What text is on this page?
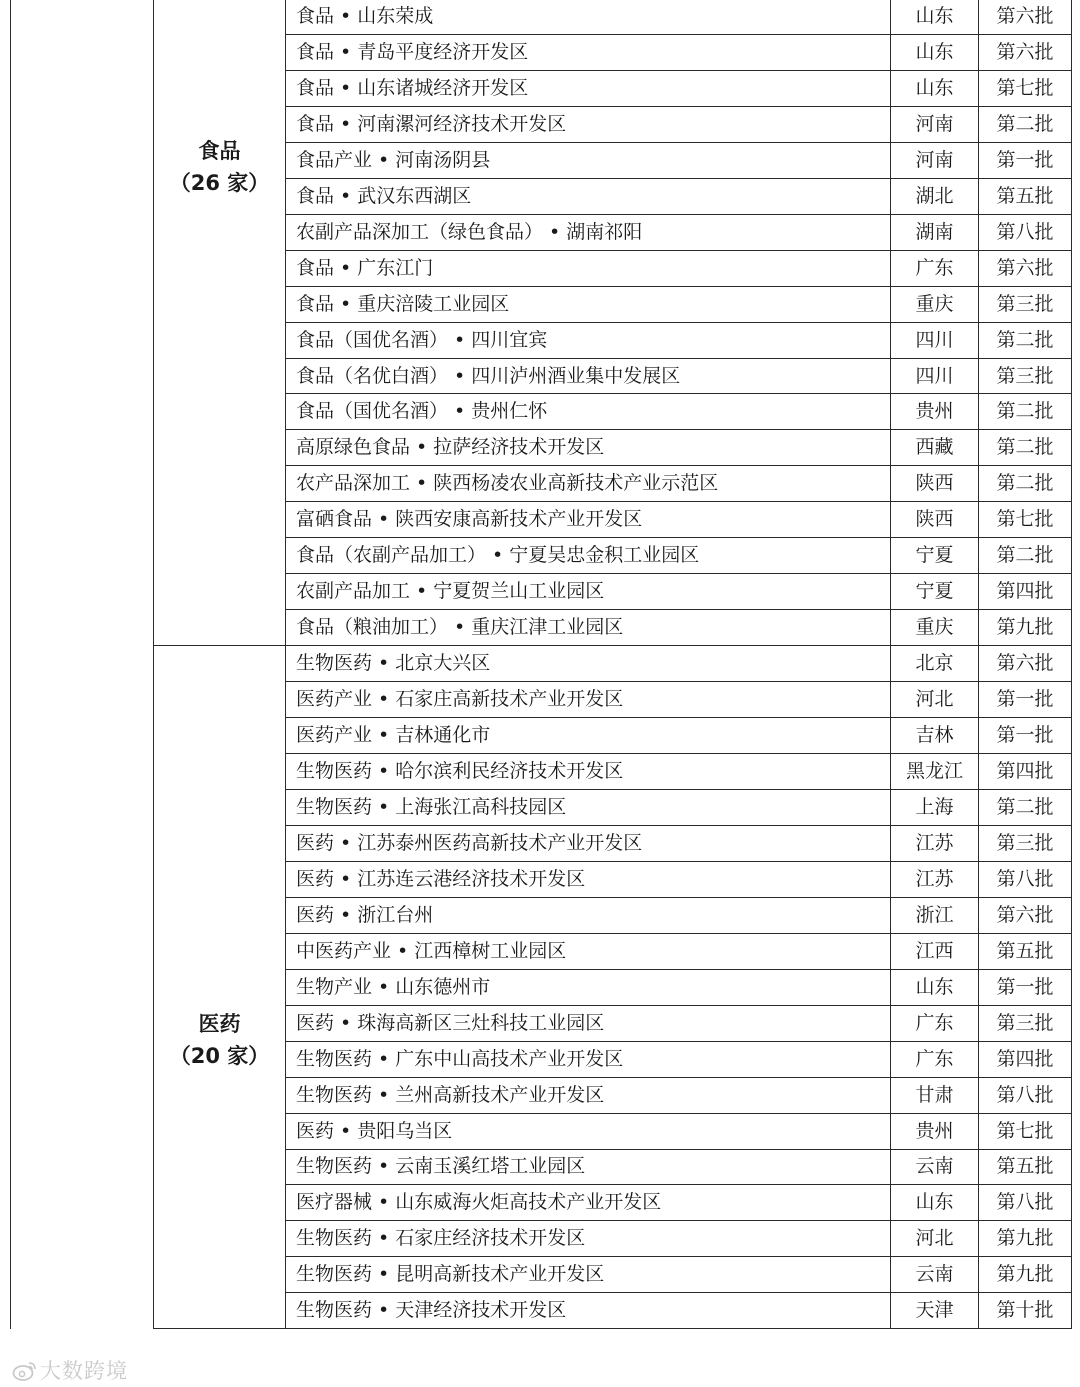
	食品
（26 家）	食品 • 山东荣成	山东	第六批
		食品 • 青岛平度经济开发区	山东	第六批
		食品 • 山东诸城经济开发区	山东	第七批
		食品 • 河南漯河经济技术开发区	河南	第二批
		食品产业 • 河南汤阴县	河南	第一批
		食品 • 武汉东西湖区	湖北	第五批
		农副产品深加工（绿色食品） • 湖南祁阳	湖南	第八批
		食品 • 广东江门	广东	第六批
		食品 • 重庆涪陵工业园区	重庆	第三批
		食品（国优名酒） • 四川宜宾	四川	第二批
		食品（名优白酒） • 四川泸州酒业集中发展区	四川	第三批
		食品（国优名酒） • 贵州仁怀	贵州	第二批
		高原绿色食品 • 拉萨经济技术开发区	西藏	第二批
		农产品深加工 • 陕西杨凌农业高新技术产业示范区	陕西	第二批
		富硒食品 • 陕西安康高新技术产业开发区	陕西	第七批
		食品（农副产品加工） • 宁夏吴忠金积工业园区	宁夏	第二批
		农副产品加工 • 宁夏贺兰山工业园区	宁夏	第四批
		食品（粮油加工） • 重庆江津工业园区	重庆	第九批
	医药
（20 家）	生物医药 • 北京大兴区	北京	第六批
		医药产业 • 石家庄高新技术产业开发区	河北	第一批
		医药产业 • 吉林通化市	吉林	第一批
		生物医药 • 哈尔滨利民经济技术开发区	黑龙江	第四批
		生物医药 • 上海张江高科技园区	上海	第二批
		医药 • 江苏泰州医药高新技术产业开发区	江苏	第三批
		医药 • 江苏连云港经济技术开发区	江苏	第八批
		医药 • 浙江台州	浙江	第六批
		中医药产业 • 江西樟树工业园区	江西	第五批
		生物产业 • 山东德州市	山东	第一批
		医药 • 珠海高新区三灶科技工业园区	广东	第三批
		生物医药 • 广东中山高技术产业开发区	广东	第四批
		生物医药 • 兰州高新技术产业开发区	甘肃	第八批
		医药 • 贵阳乌当区	贵州	第七批
		生物医药 • 云南玉溪红塔工业园区	云南	第五批
		医疗器械 • 山东威海火炬高技术产业开发区	山东	第八批
		生物医药 • 石家庄经济技术开发区	河北	第九批
		生物医药 • 昆明高新技术产业开发区	云南	第九批
		生物医药 • 天津经济技术开发区	天津	第十批
大数跨境
